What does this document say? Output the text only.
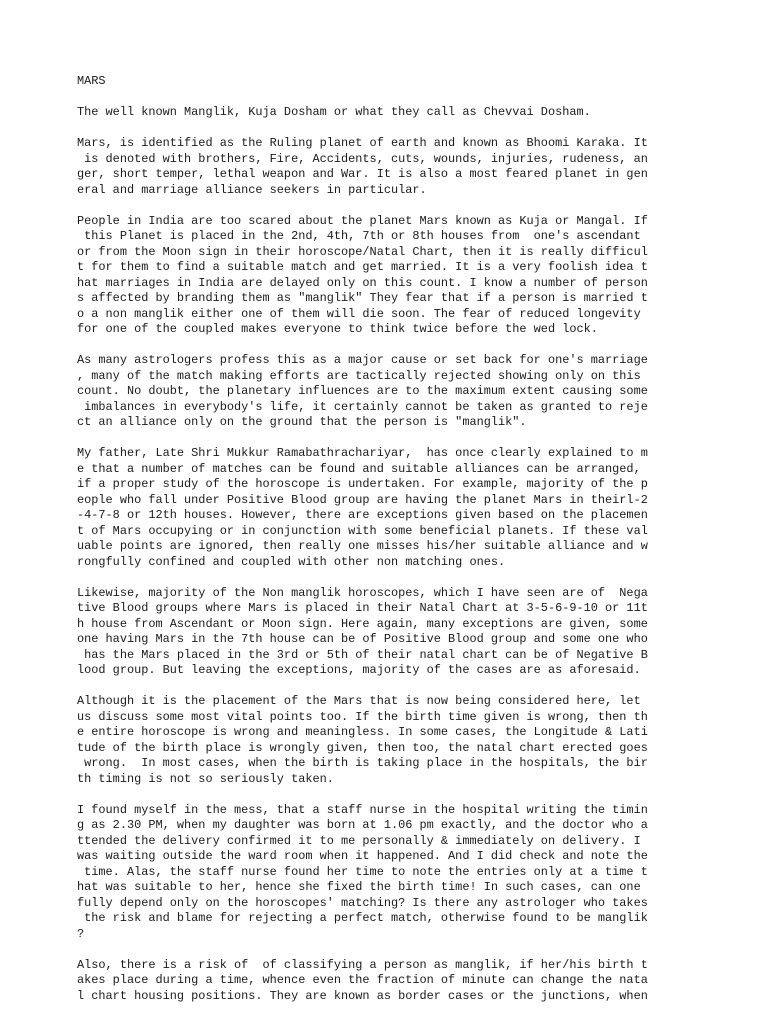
MARS
The well known Manglik, Kuja Dosham or what they call as Chevvai Dosham.
Mars, is identified as the Ruling planet of earth and known as Bhoomi Karaka. It
is denoted with brothers, Fire, Accidents, cuts, wounds, injuries, rudeness, an
ger, short temper, lethal weapon and War. It is also a most feared planet in gen
eral and marriage alliance seekers in particular.
People in India are too scared about the planet Mars known as Kuja or Mangal. If
this Planet is placed in the 2nd, 4th, 7th or 8th houses from  one's ascendant
or from the Moon sign in their horoscope/Natal Chart, then it is really difficul
t for them to find a suitable match and get married. It is a very foolish idea t
hat marriages in India are delayed only on this count. I know a number of person
s affected by branding them as "manglik" They fear that if a person is married t
o a non manglik either one of them will die soon. The fear of reduced longevity
for one of the coupled makes everyone to think twice before the wed lock.
As many astrologers profess this as a major cause or set back for one's marriage
, many of the match making efforts are tactically rejected showing only on this
count. No doubt, the planetary influences are to the maximum extent causing some
imbalances in everybody's life, it certainly cannot be taken as granted to reje
ct an alliance only on the ground that the person is "manglik".
My father, Late Shri Mukkur Ramabathrachariyar,  has once clearly explained to m
e that a number of matches can be found and suitable alliances can be arranged,
if a proper study of the horoscope is undertaken. For example, majority of the p
eople who fall under Positive Blood group are having the planet Mars in theirl-2
-4-7-8 or 12th houses. However, there are exceptions given based on the placemen
t of Mars occupying or in conjunction with some beneficial planets. If these val
uable points are ignored, then really one misses his/her suitable alliance and w
rongfully confined and coupled with other non matching ones.
Likewise, majority of the Non manglik horoscopes, which I have seen are of  Nega
tive Blood groups where Mars is placed in their Natal Chart at 3-5-6-9-10 or 11t
h house from Ascendant or Moon sign. Here again, many exceptions are given, some
one having Mars in the 7th house can be of Positive Blood group and some one who
has the Mars placed in the 3rd or 5th of their natal chart can be of Negative B
lood group. But leaving the exceptions, majority of the cases are as aforesaid.
Although it is the placement of the Mars that is now being considered here, let
us discuss some most vital points too. If the birth time given is wrong, then th
e entire horoscope is wrong and meaningless. In some cases, the Longitude & Lati
tude of the birth place is wrongly given, then too, the natal chart erected goes
wrong.  In most cases, when the birth is taking place in the hospitals, the bir
th timing is not so seriously taken.
I found myself in the mess, that a staff nurse in the hospital writing the timin
g as 2.30 PM, when my daughter was born at 1.06 pm exactly, and the doctor who a
ttended the delivery confirmed it to me personally & immediately on delivery. I
was waiting outside the ward room when it happened. And I did check and note the
time. Alas, the staff nurse found her time to note the entries only at a time t
hat was suitable to her, hence she fixed the birth time! In such cases, can one
fully depend only on the horoscopes' matching? Is there any astrologer who takes
the risk and blame for rejecting a perfect match, otherwise found to be manglik
?
Also, there is a risk of  of classifying a person as manglik, if her/his birth t
akes place during a time, whence even the fraction of minute can change the nata
l chart housing positions. They are known as border cases or the junctions, when
